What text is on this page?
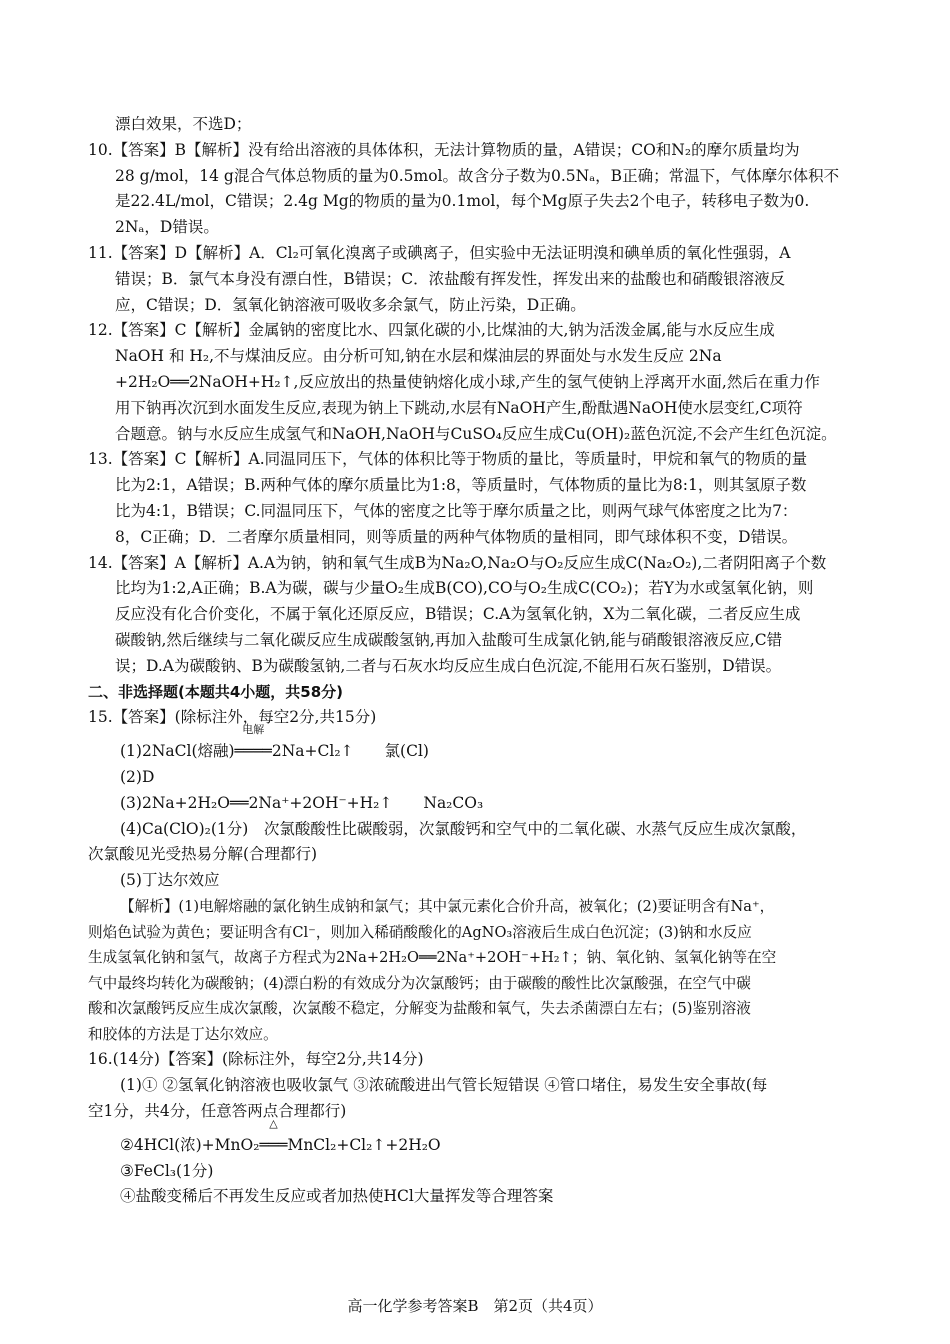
漂白效果，不选D；

10.【答案】B【解析】没有给出溶液的具体体积，无法计算物质的量，A错误；CO和N₂的摩尔质量均为

28 g/mol，14 g混合气体总物质的量为0.5mol。故含分子数为0.5Nₐ，B正确；常温下，气体摩尔体积不

是22.4L/mol，C错误；2.4g Mg的物质的量为0.1mol，每个Mg原子失去2个电子，转移电子数为0.

2Nₐ，D错误。

11.【答案】D【解析】A．Cl₂可氧化溴离子或碘离子，但实验中无法证明溴和碘单质的氧化性强弱，A

错误；B．氯气本身没有漂白性，B错误；C．浓盐酸有挥发性，挥发出来的盐酸也和硝酸银溶液反

应，C错误；D．氢氧化钠溶液可吸收多余氯气，防止污染，D正确。

12.【答案】C【解析】金属钠的密度比水、四氯化碳的小,比煤油的大,钠为活泼金属,能与水反应生成

NaOH 和 H₂,不与煤油反应。由分析可知,钠在水层和煤油层的界面处与水发生反应 2Na

+2H₂O══2NaOH+H₂↑,反应放出的热量使钠熔化成小球,产生的氢气使钠上浮离开水面,然后在重力作

用下钠再次沉到水面发生反应,表现为钠上下跳动,水层有NaOH产生,酚酞遇NaOH使水层变红,C项符

合题意。钠与水反应生成氢气和NaOH,NaOH与CuSO₄反应生成Cu(OH)₂蓝色沉淀,不会产生红色沉淀。

13.【答案】C【解析】A.同温同压下，气体的体积比等于物质的量比，等质量时，甲烷和氧气的物质的量

比为2:1，A错误；B.两种气体的摩尔质量比为1:8，等质量时，气体物质的量比为8:1，则其氢原子数

比为4:1，B错误；C.同温同压下，气体的密度之比等于摩尔质量之比，则两气球气体密度之比为7：

8，C正确；D．二者摩尔质量相同，则等质量的两种气体物质的量相同，即气球体积不变，D错误。

14.【答案】A【解析】A.A为钠，钠和氧气生成B为Na₂O,Na₂O与O₂反应生成C(Na₂O₂),二者阴阳离子个数

比均为1:2,A正确；B.A为碳，碳与少量O₂生成B(CO),CO与O₂生成C(CO₂)；若Y为水或氢氧化钠，则

反应没有化合价变化，不属于氧化还原反应，B错误；C.A为氢氧化钠，X为二氧化碳，二者反应生成

碳酸钠,然后继续与二氧化碳反应生成碳酸氢钠,再加入盐酸可生成氯化钠,能与硝酸银溶液反应,C错

误；D.A为碳酸钠、B为碳酸氢钠,二者与石灰水均反应生成白色沉淀,不能用石灰石鉴别，D错误。

二、非选择题(本题共4小题，共58分)

15.【答案】(除标注外，每空2分,共15分)

(1)2NaCl(熔融)
电解
════2Na+Cl₂↑　　氯(Cl)

(2)D

(3)2Na+2H₂O══2Na⁺+2OH⁻+H₂↑　　Na₂CO₃

(4)Ca(ClO)₂(1分)　次氯酸酸性比碳酸弱，次氯酸钙和空气中的二氧化碳、水蒸气反应生成次氯酸，

次氯酸见光受热易分解(合理都行)

(5)丁达尔效应

【解析】(1)电解熔融的氯化钠生成钠和氯气；其中氯元素化合价升高，被氧化；(2)要证明含有Na⁺，

则焰色试验为黄色；要证明含有Cl⁻，则加入稀硝酸酸化的AgNO₃溶液后生成白色沉淀；(3)钠和水反应

生成氢氧化钠和氢气，故离子方程式为2Na+2H₂O══2Na⁺+2OH⁻+H₂↑；钠、氧化钠、氢氧化钠等在空

气中最终均转化为碳酸钠；(4)漂白粉的有效成分为次氯酸钙；由于碳酸的酸性比次氯酸强，在空气中碳

酸和次氯酸钙反应生成次氯酸，次氯酸不稳定，分解变为盐酸和氧气，失去杀菌漂白左右；(5)鉴别溶液

和胶体的方法是丁达尔效应。

16.(14分)【答案】(除标注外，每空2分,共14分)

(1)① ②氢氧化钠溶液也吸收氯气 ③浓硫酸进出气管长短错误 ④管口堵住，易发生安全事故(每

空1分，共4分，任意答两点合理都行)

②4HCl(浓)+MnO₂
△
═══MnCl₂+Cl₂↑+2H₂O

③FeCl₃(1分)

④盐酸变稀后不再发生反应或者加热使HCl大量挥发等合理答案

高一化学参考答案B　第2页（共4页）
